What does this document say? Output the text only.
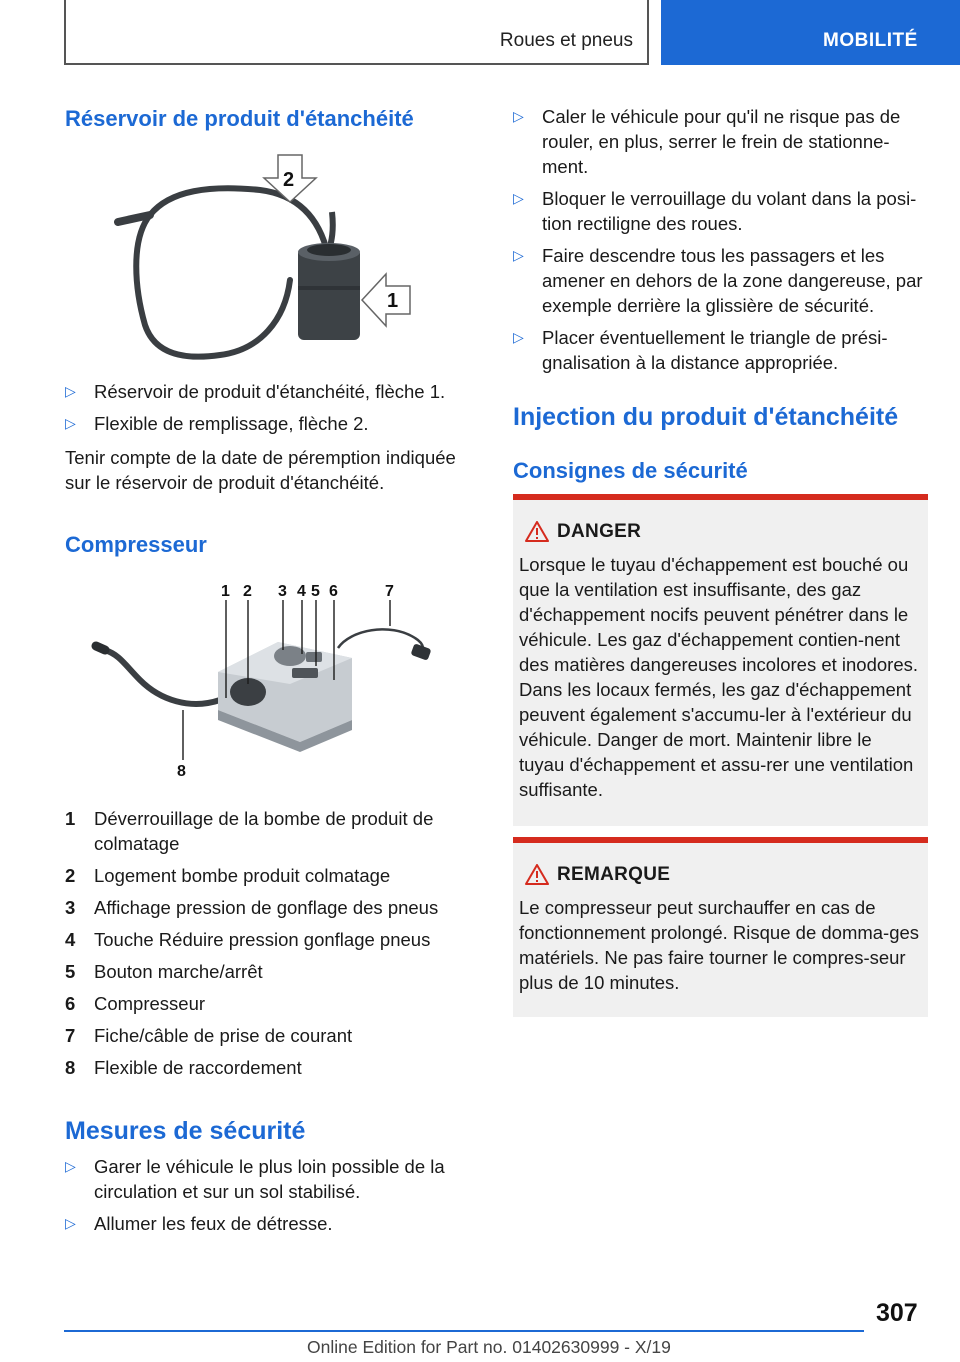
Roues et pneus	MOBILITÉ
Réservoir de produit d'étanchéité
2
1
▷ Réservoir de produit d'étanchéité, flèche 1.
▷ Flexible de remplissage, flèche 2.

Tenir compte de la date de péremption indiquée sur le réservoir de produit d'étanchéité.

Compresseur
1 2 3 4 5 6	7
8
1 Déverrouillage de la bombe de produit de colmatage
2 Logement bombe produit colmatage
3 Affichage pression de gonflage des pneus
4 Touche Réduire pression gonflage pneus
5 Bouton marche/arrêt
6 Compresseur
7 Fiche/câble de prise de courant
8 Flexible de raccordement
Mesures de sécurité
▷ Garer le véhicule le plus loin possible de la circulation et sur un sol stabilisé.
▷ Allumer les feux de détresse.
▷ Caler le véhicule pour qu'il ne risque pas de rouler, en plus, serrer le frein de stationne-ment.
▷ Bloquer le verrouillage du volant dans la posi-tion rectiligne des roues.
▷ Faire descendre tous les passagers et les amener en dehors de la zone dangereuse, par exemple derrière la glissière de sécurité.
▷ Placer éventuellement le triangle de prési-gnalisation à la distance appropriée.
Injection du produit d'étanchéité
Consignes de sécurité
DANGER

Lorsque le tuyau d'échappement est bouché ou que la ventilation est insuffisante, des gaz d'échappement nocifs peuvent pénétrer dans le véhicule. Les gaz d'échappement contien-nent des matières dangereuses incolores et inodores. Dans les locaux fermés, les gaz d'échappement peuvent également s'accumu-ler à l'extérieur du véhicule. Danger de mort. Maintenir libre le tuyau d'échappement et assu-rer une ventilation suffisante.

REMARQUE

Le compresseur peut surchauffer en cas de fonctionnement prolongé. Risque de domma-ges matériels. Ne pas faire tourner le compres-seur plus de 10 minutes.

307
Online Edition for Part no. 01402630999 - X/19
